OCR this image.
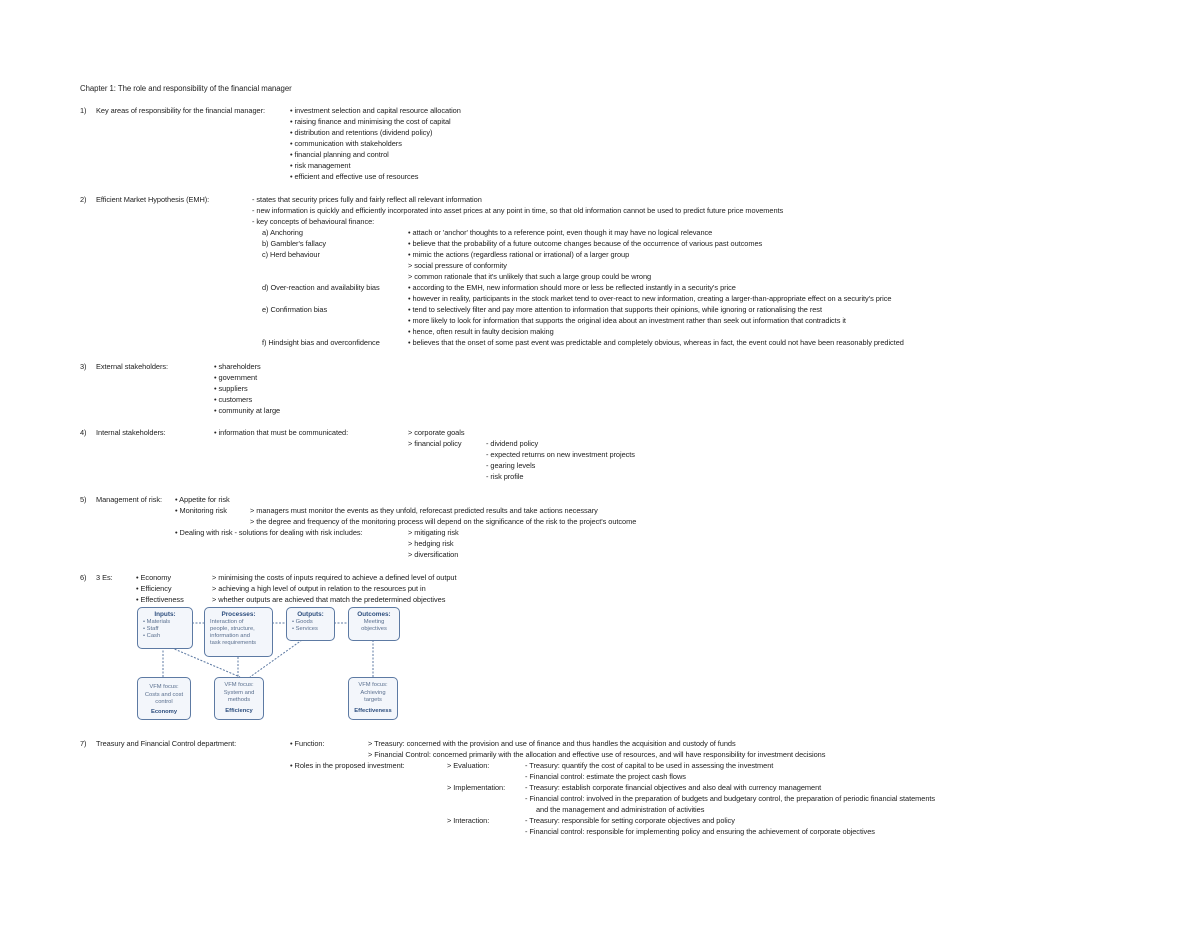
Chapter 1: The role and responsibility of the financial manager
1) Key areas of responsibility for the financial manager:	• investment selection and capital resource allocation
• raising finance and minimising the cost of capital
• distribution and retentions (dividend policy)
• communication with stakeholders
• financial planning and control
• risk management
• efficient and effective use of resources
2) Efficient Market Hypothesis (EMH):	- states that security prices fully and fairly reflect all relevant information
- new information is quickly and efficiently incorporated into asset prices at any point in time, so that old information cannot be used to predict future price movements
- key concepts of behavioural finance:
a) Anchoring	• attach or 'anchor' thoughts to a reference point, even though it may have no logical relevance
b) Gambler's fallacy	• believe that the probability of a future outcome changes because of the occurrence of various past outcomes
c) Herd behaviour	• mimic the actions (regardless rational or irrational) of a larger group
> social pressure of conformity
> common rationale that it's unlikely that such a large group could be wrong
d) Over-reaction and availability bias	• according to the EMH, new information should more or less be reflected instantly in a security's price
• however in reality, participants in the stock market tend to over-react to new information, creating a larger-than-appropriate effect on a security's price
e) Confirmation bias	• tend to selectively filter and pay more attention to information that supports their opinions, while ignoring or rationalising the rest
• more likely to look for information that supports the original idea about an investment rather than seek out information that contradicts it
• hence, often result in faulty decision making
f) Hindsight bias and overconfidence	• believes that the onset of some past event was predictable and completely obvious, whereas in fact, the event could not have been reasonably predicted
3) External stakeholders:	• shareholders
• government
• suppliers
• customers
• community at large
4) Internal stakeholders:	• information that must be communicated:	> corporate goals
> financial policy	- dividend policy
- expected returns on new investment projects
- gearing levels
- risk profile
5) Management of risk: • Appetite for risk
• Monitoring risk	> managers must monitor the events as they unfold, reforecast predicted results and take actions necessary
> the degree and frequency of the monitoring process will depend on the significance of the risk to the project's outcome
• Dealing with risk - solutions for dealing with risk includes:	> mitigating risk
> hedging risk
> diversification
6) 3 Es:	• Economy	> minimising the costs of inputs required to achieve a defined level of output
• Efficiency	> achieving a high level of output in relation to the resources put in
• Effectiveness	> whether outputs are achieved that match the predetermined objectives
Inputs:
• Materials
• Staff
• Cash
Processes:
Interaction of
people, structure,
information and
task requirements
Outputs:
• Goods
• Services
Outcomes:
Meeting
objectives
VFM focus:
Costs and cost
control
Economy
VFM focus:
System and
methods
Efficiency
VFM focus:
Achieving
targets
Effectiveness
7) Treasury and Financial Control department:	• Function:	> Treasury: concerned with the provision and use of finance and thus handles the acquisition and custody of funds
> Financial Control: concerned primarily with the allocation and effective use of resources, and will have responsibility for investment decisions
• Roles in the proposed investment:	> Evaluation:	- Treasury: quantify the cost of capital to be used in assessing the investment
- Financial control: estimate the project cash flows
> Implementation:	- Treasury: establish corporate financial objectives and also deal with currency management
- Financial control: involved in the preparation of budgets and budgetary control, the preparation of periodic financial statements
and the management and administration of activities
> Interaction:	- Treasury: responsible for setting corporate objectives and policy
- Financial control: responsible for implementing policy and ensuring the achievement of corporate objectives
